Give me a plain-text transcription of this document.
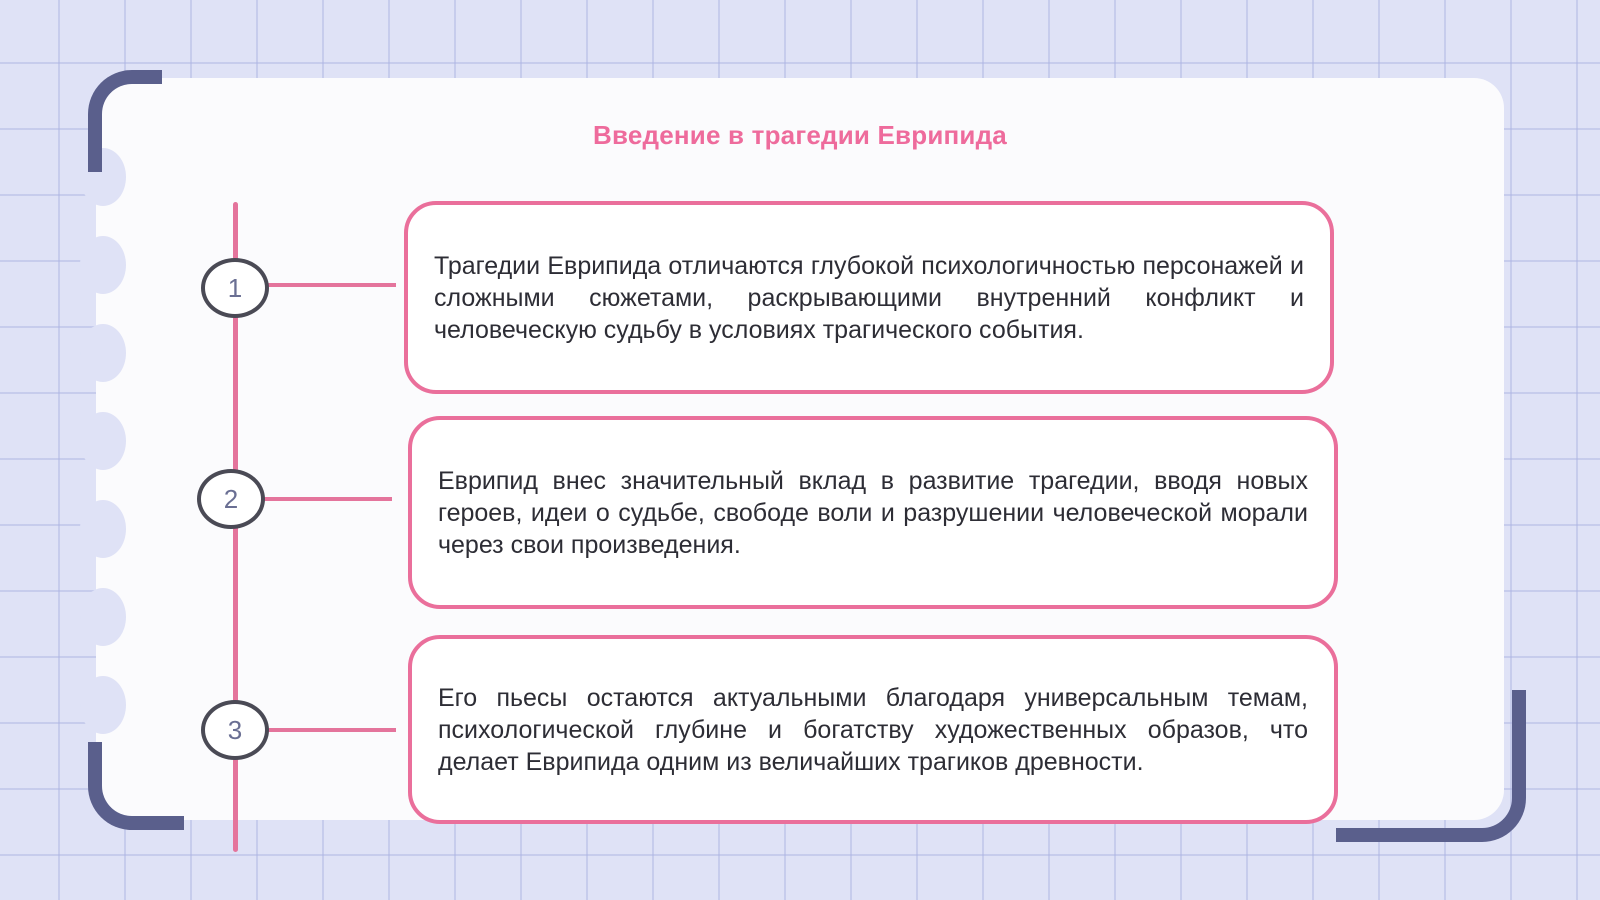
Введение в трагедии Еврипида
1
2
3

Трагедии Еврипида отличаются глубокой психологичностью персонажей и сложными сюжетами, раскрывающими внутренний конфликт и человеческую судьбу в условиях трагического события.

Еврипид внес значительный вклад в развитие трагедии, вводя новых героев, идеи о судьбе, свободе воли и разрушении человеческой морали через свои произведения.

Его пьесы остаются актуальными благодаря универсальным темам, психологической глубине и богатству художественных образов, что делает Еврипида одним из величайших трагиков древности.
